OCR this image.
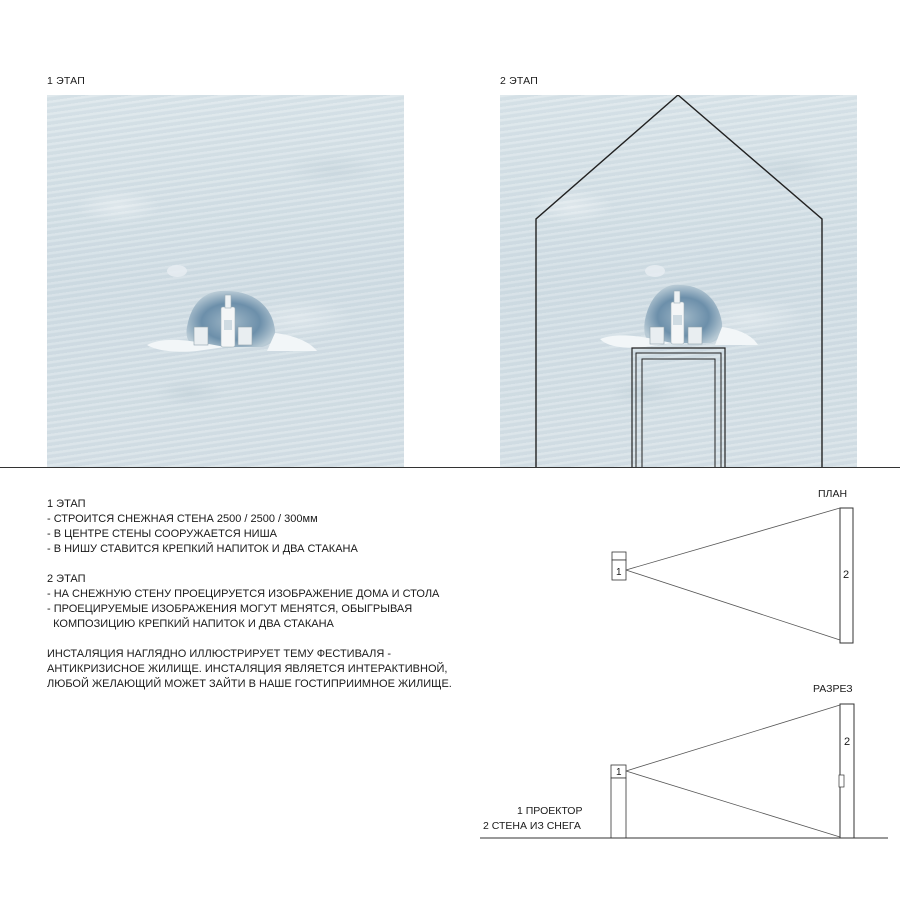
1 ЭТАП	2 ЭТАП
1 ЭТАП
- СТРОИТСЯ СНЕЖНАЯ СТЕНА 2500 / 2500 / 300мм
- В ЦЕНТРЕ СТЕНЫ СООРУЖАЕТСЯ НИША
- В НИШУ СТАВИТСЯ КРЕПКИЙ НАПИТОК И ДВА СТАКАНА
2 ЭТАП
- НА СНЕЖНУЮ СТЕНУ ПРОЕЦИРУЕТСЯ ИЗОБРАЖЕНИЕ ДОМА И СТОЛА
- ПРОЕЦИРУЕМЫЕ ИЗОБРАЖЕНИЯ МОГУТ МЕНЯТСЯ, ОБЫГРЫВАЯ
КОМПОЗИЦИЮ КРЕПКИЙ НАПИТОК И ДВА СТАКАНА
ИНСТАЛЯЦИЯ НАГЛЯДНО ИЛЛЮСТРИРУЕТ ТЕМУ ФЕСТИВАЛЯ -
АНТИКРИЗИСНОЕ ЖИЛИЩЕ. ИНСТАЛЯЦИЯ ЯВЛЯЕТСЯ ИНТЕРАКТИВНОЙ,
ЛЮБОЙ ЖЕЛАЮЩИЙ МОЖЕТ ЗАЙТИ В НАШЕ ГОСТИПРИИМНОЕ ЖИЛИЩЕ.
ПЛАН
2
1
РАЗРЕЗ
2
1
1 ПРОЕКТОР
2 СТЕНА ИЗ СНЕГА
